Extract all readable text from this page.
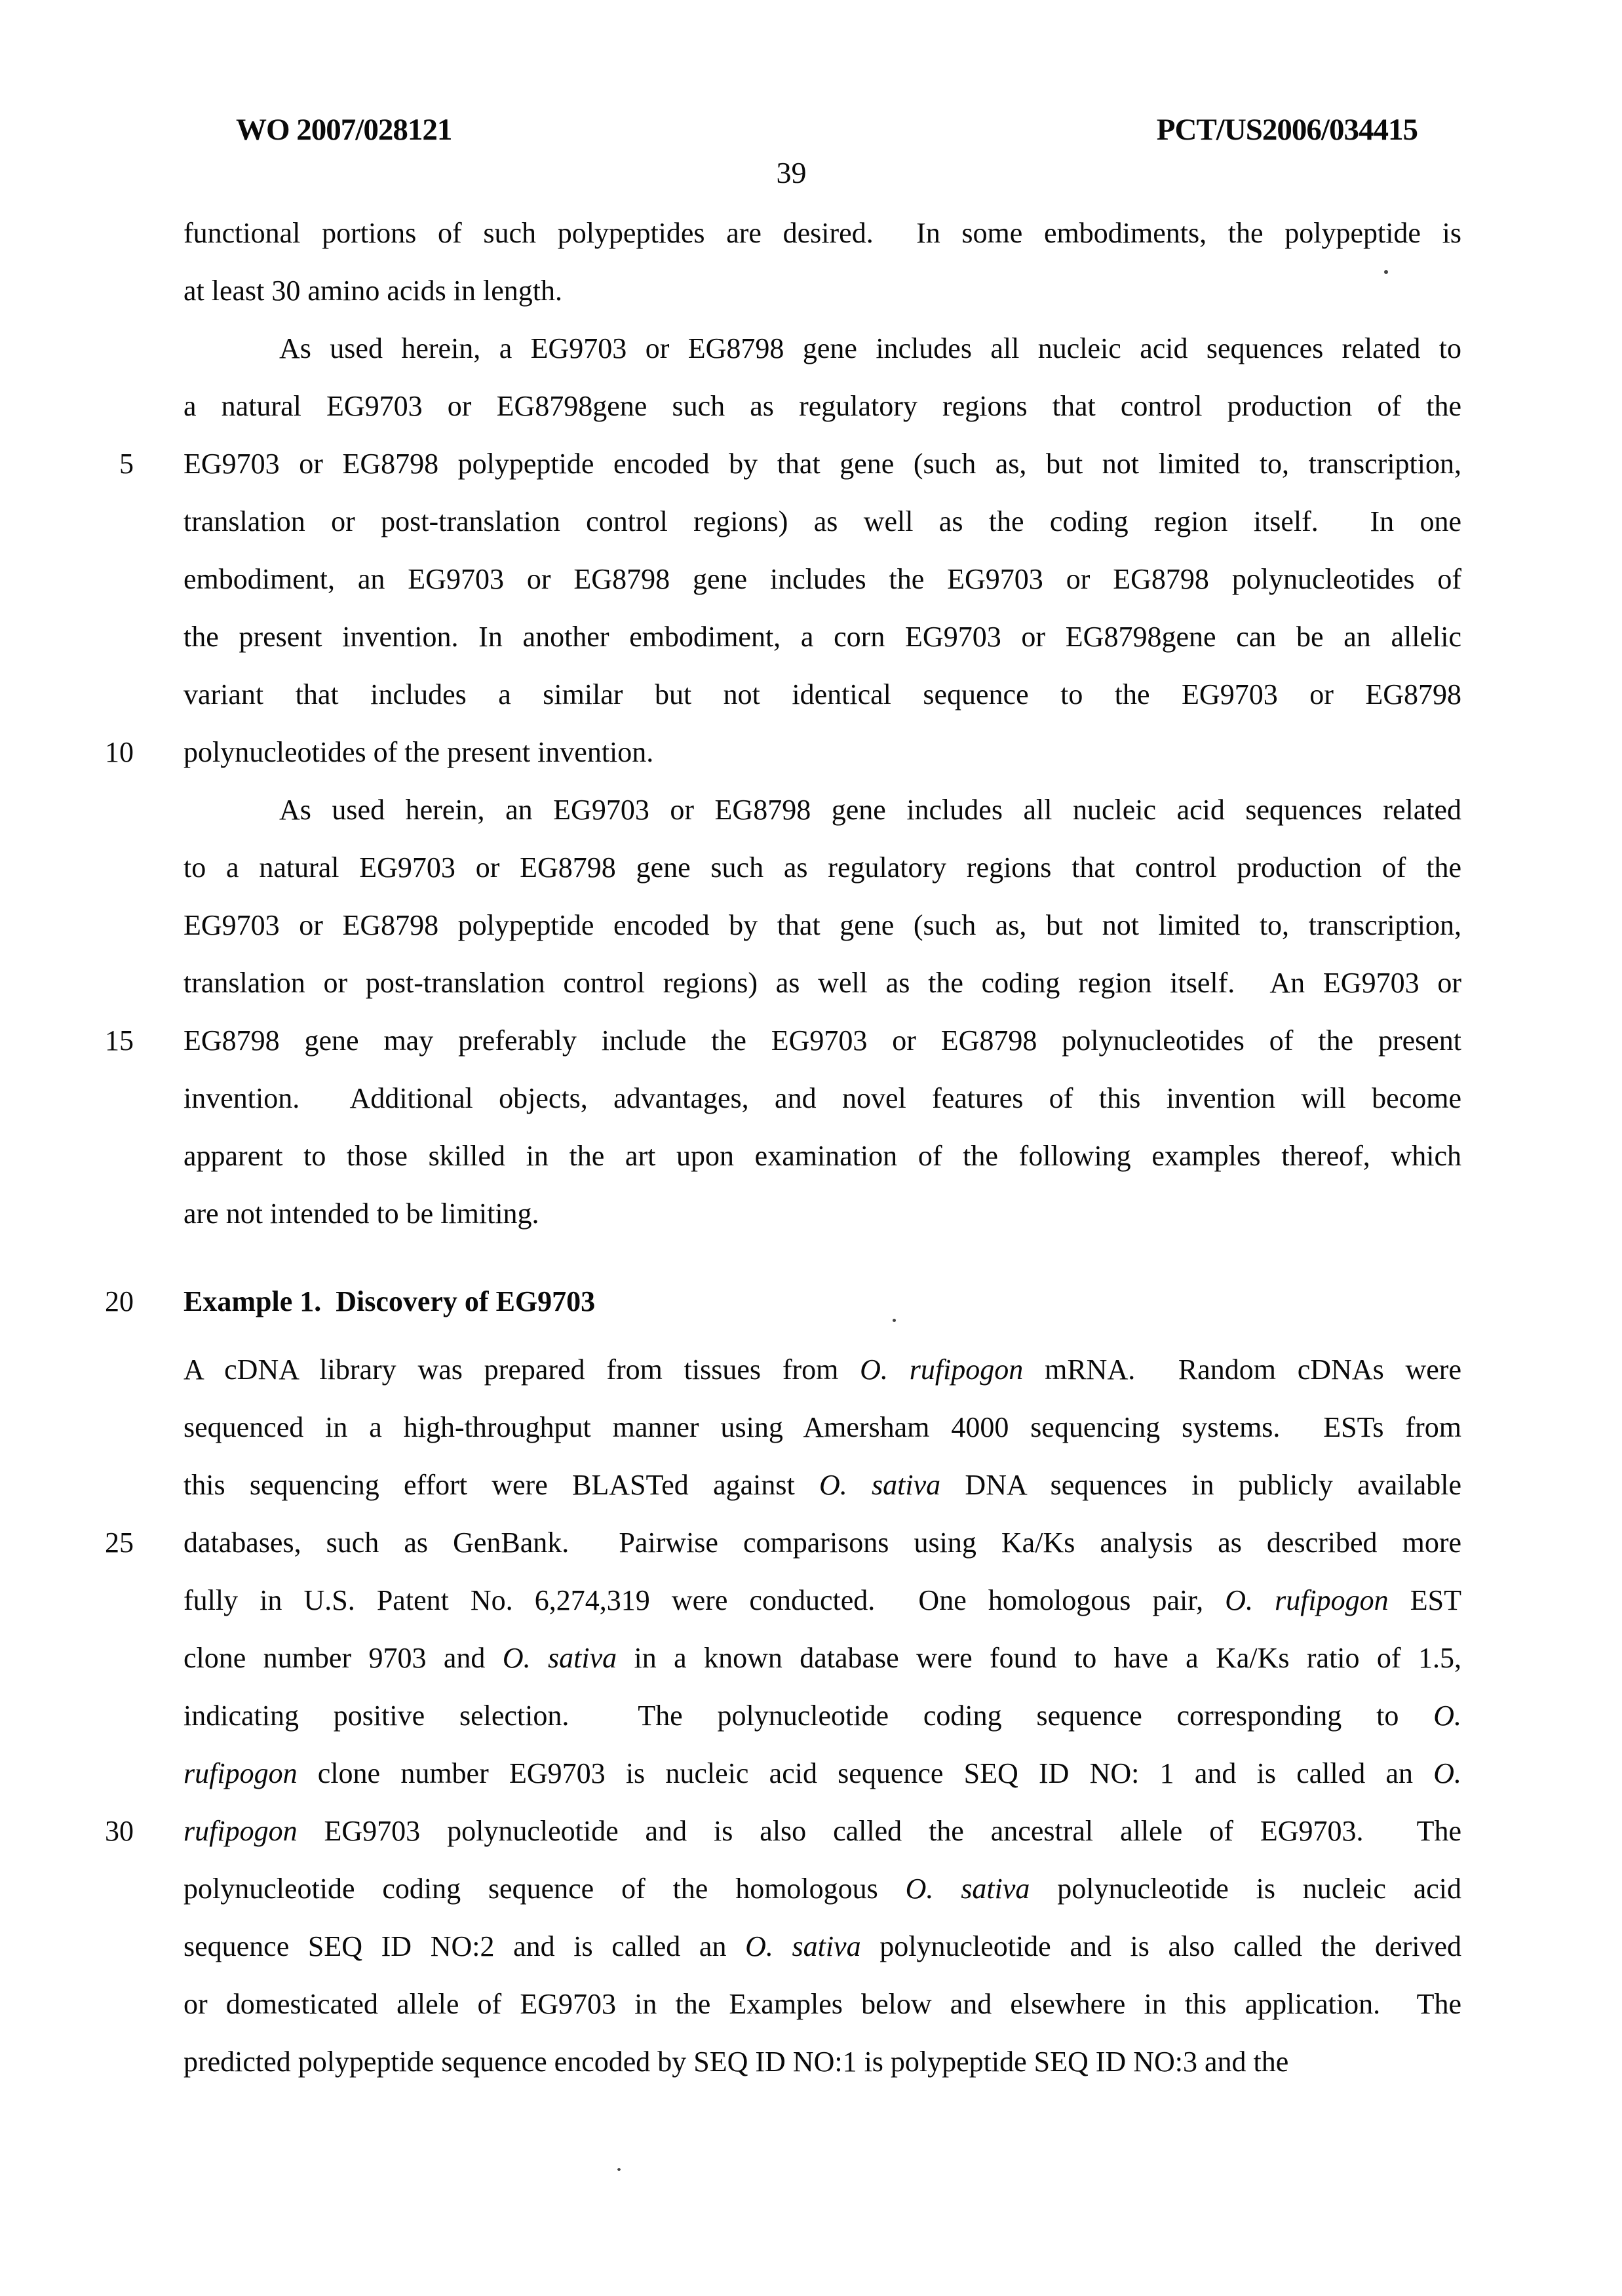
WO 2007/028121	PCT/US2006/034415
39
functional portions of such polypeptides are desired.  In some embodiments, the polypeptide is
at least 30 amino acids in length.
As used herein, a EG9703 or EG8798 gene includes all nucleic acid sequences related to
a natural EG9703 or EG8798gene such as regulatory regions that control production of the
5 EG9703 or EG8798 polypeptide encoded by that gene (such as, but not limited to, transcription,
translation or post-translation control regions) as well as the coding region itself.  In one
embodiment, an EG9703 or EG8798 gene includes the EG9703 or EG8798 polynucleotides of
the present invention. In another embodiment, a corn EG9703 or EG8798gene can be an allelic
variant that includes a similar but not identical sequence to the EG9703 or EG8798
10 polynucleotides of the present invention.
As used herein, an EG9703 or EG8798 gene includes all nucleic acid sequences related
to a natural EG9703 or EG8798 gene such as regulatory regions that control production of the
EG9703 or EG8798 polypeptide encoded by that gene (such as, but not limited to, transcription,
translation or post-translation control regions) as well as the coding region itself.  An EG9703 or
15 EG8798 gene may preferably include the EG9703 or EG8798 polynucleotides of the present
invention.  Additional objects, advantages, and novel features of this invention will become
apparent to those skilled in the art upon examination of the following examples thereof, which
are not intended to be limiting.
20 Example 1.  Discovery of EG9703
A cDNA library was prepared from tissues from O. rufipogon mRNA.  Random cDNAs were
sequenced in a high-throughput manner using Amersham 4000 sequencing systems.  ESTs from
this sequencing effort were BLASTed against O. sativa DNA sequences in publicly available
25 databases, such as GenBank.  Pairwise comparisons using Ka/Ks analysis as described more
fully in U.S. Patent No. 6,274,319 were conducted.  One homologous pair, O. rufipogon EST
clone number 9703 and O. sativa in a known database were found to have a Ka/Ks ratio of 1.5,
indicating positive selection.  The polynucleotide coding sequence corresponding to O.
rufipogon clone number EG9703 is nucleic acid sequence SEQ ID NO: 1 and is called an O.
30 rufipogon EG9703 polynucleotide and is also called the ancestral allele of EG9703.  The
polynucleotide coding sequence of the homologous O. sativa polynucleotide is nucleic acid
sequence SEQ ID NO:2 and is called an O. sativa polynucleotide and is also called the derived
or domesticated allele of EG9703 in the Examples below and elsewhere in this application.  The
predicted polypeptide sequence encoded by SEQ ID NO:1 is polypeptide SEQ ID NO:3 and the
